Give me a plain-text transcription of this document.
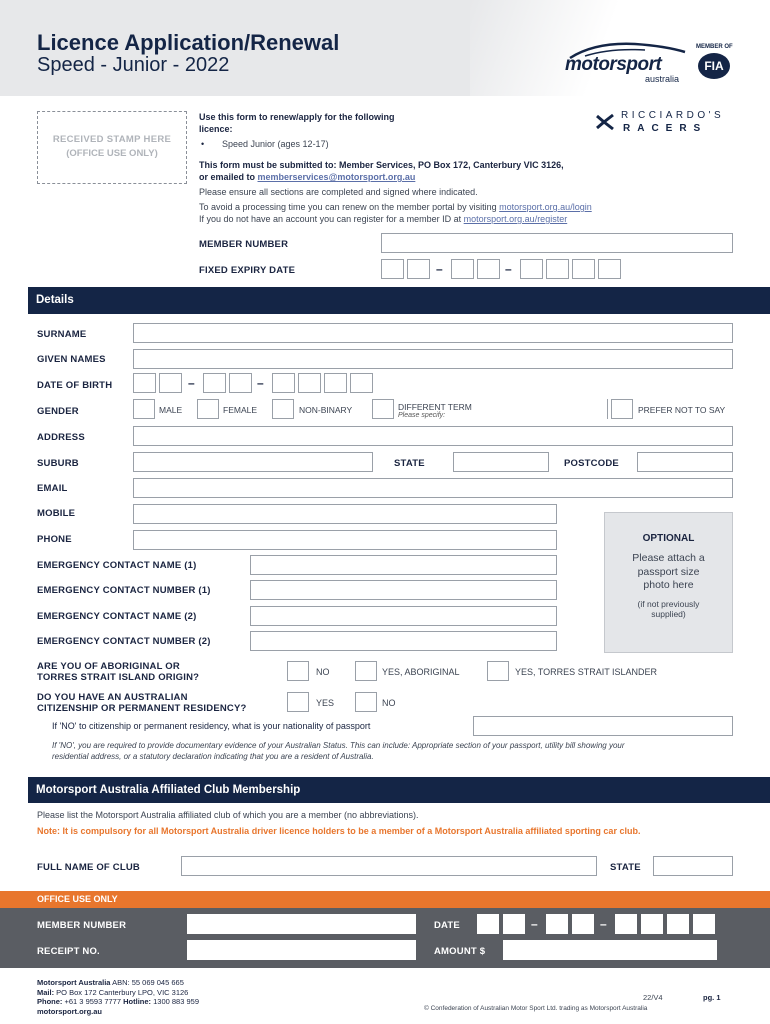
Licence Application/Renewal
Speed - Junior - 2022	motorsport
australia
MEMBER OF
FIA
RECEIVED STAMP HERE
(OFFICE USE ONLY)
RICCIARDO'S
RACERS
Use this form to renew/apply for the following licence:
• Speed Junior (ages 12-17)
This form must be submitted to: Member Services, PO Box 172, Canterbury VIC 3126,
or emailed to memberservices@motorsport.org.au
Please ensure all sections are completed and signed where indicated.
To avoid a processing time you can renew on the member portal by visiting motorsport.org.au/login
If you do not have an account you can register for a member ID at motorsport.org.au/register
MEMBER NUMBER
FIXED EXPIRY DATE	–	–
Details
SURNAME
GIVEN NAMES
DATE OF BIRTH	–	–
GENDER	MALE	FEMALE	NON-BINARY	DIFFERENT TERM
Please specify:
PREFER NOT TO SAY
ADDRESS
SUBURB	STATE	POSTCODE
EMAIL
MOBILE
PHONE
EMERGENCY CONTACT NAME (1)
EMERGENCY CONTACT NUMBER (1)
EMERGENCY CONTACT NAME (2)
EMERGENCY CONTACT NUMBER (2)
OPTIONAL
Please attach a passport size photo here
(if not previously supplied)
ARE YOU OF ABORIGINAL OR
TORRES STRAIT ISLAND ORIGIN?	NO	YES, ABORIGINAL	YES, TORRES STRAIT ISLANDER
DO YOU HAVE AN AUSTRALIAN
CITIZENSHIP OR PERMANENT RESIDENCY?	YES	NO
If 'NO' to citizenship or permanent residency, what is your nationality of passport
If 'NO', you are required to provide documentary evidence of your Australian Status. This can include: Appropriate section of your passport, utility bill showing your residential address, or a statutory declaration indicating that you are a resident of Australia.
Motorsport Australia Affiliated Club Membership
Please list the Motorsport Australia affiliated club of which you are a member (no abbreviations).
Note: It is compulsory for all Motorsport Australia driver licence holders to be a member of a Motorsport Australia affiliated sporting car club.
FULL NAME OF CLUB	STATE
OFFICE USE ONLY
MEMBER NUMBER
RECEIPT NO.
DATE	–	–
AMOUNT $
Motorsport Australia ABN: 55 069 045 665
Mail: PO Box 172 Canterbury LPO, VIC 3126
Phone: +61 3 9593 7777 Hotline: 1300 883 959
motorsport.org.au
22/V4	pg. 1
© Confederation of Australian Motor Sport Ltd. trading as Motorsport Australia
